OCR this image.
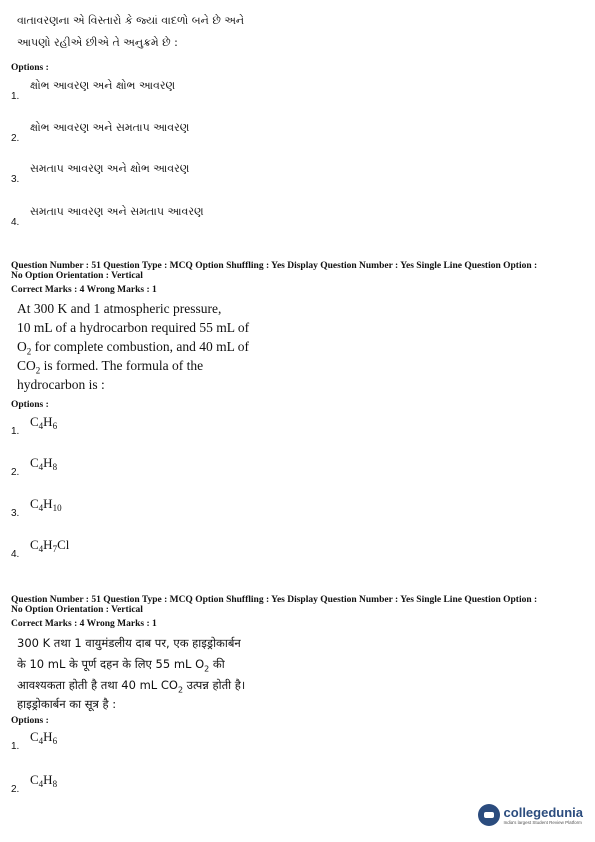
વાતાવરણના એ વિસ્તારો કે જ્યાં વાદળો બને છે અને
આપણો રહીએ છીએ તે અનુક્રમે છે :
Options :
1.
ક્ષોભ આવરણ અને ક્ષોભ આવરણ
2.
ક્ષોભ આવરણ અને સમતાપ આવરણ
3.
સમતાપ આવરણ અને ક્ષોભ આવરણ
4.
સમતાપ આવરણ અને સમતાપ આવરણ
Question Number : 51 Question Type : MCQ Option Shuffling : Yes Display Question Number : Yes Single Line Question Option :
No Option Orientation : Vertical
Correct Marks : 4 Wrong Marks : 1
At 300 K and 1 atmospheric pressure,
10 mL of a hydrocarbon required 55 mL of
$O_2$ for complete combustion, and 40 mL of
$CO_2$ is formed. The formula of the
hydrocarbon is :
Options :
1.
$C_4H_6$
2.
$C_4H_8$
3.
$C_4H_{10}$
4.
$C_4H_7Cl$
Question Number : 51 Question Type : MCQ Option Shuffling : Yes Display Question Number : Yes Single Line Question Option :
No Option Orientation : Vertical
Correct Marks : 4 Wrong Marks : 1
300 K तथा 1 वायुमंडलीय दाब पर, एक हाइड्रोकार्बन
के 10 mL के पूर्ण दहन के लिए 55 mL $O_2$ की
आवश्यकता होती है तथा 40 mL $CO_2$ उत्पन्न होती है।
हाइड्रोकार्बन का सूत्र है :
Options :
1.
$C_4H_6$
2.
$C_4H_8$
collegedunia
India's largest Student Review Platform
